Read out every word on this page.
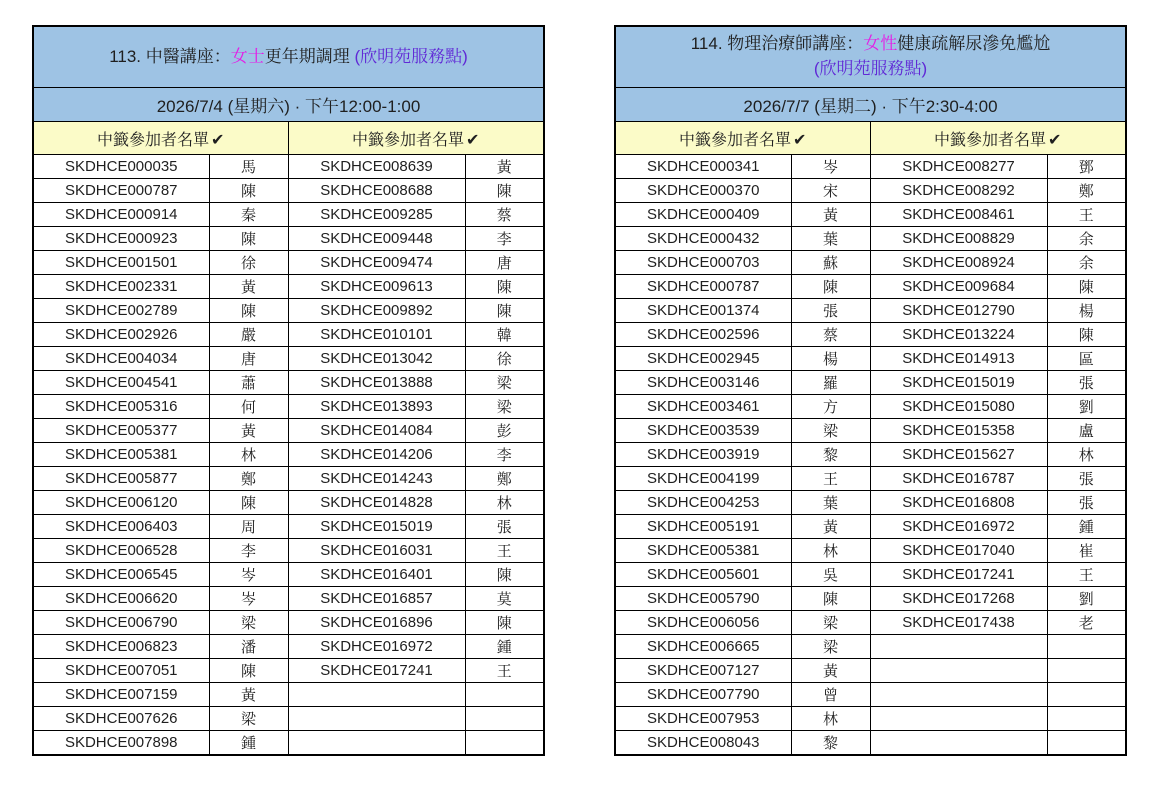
113. 中醫講座：女士更年期調理 (欣明苑服務點)			

2026/7/4 (星期六) · 下午12:00-1:00			
中籤參加者名單 ✔		中籤參加者名單 ✔	
SKDHCE000035	馬	SKDHCE008639	黃
SKDHCE000787	陳	SKDHCE008688	陳
SKDHCE000914	秦	SKDHCE009285	蔡
SKDHCE000923	陳	SKDHCE009448	李
SKDHCE001501	徐	SKDHCE009474	唐
SKDHCE002331	黃	SKDHCE009613	陳
SKDHCE002789	陳	SKDHCE009892	陳
SKDHCE002926	嚴	SKDHCE010101	韓
SKDHCE004034	唐	SKDHCE013042	徐
SKDHCE004541	蕭	SKDHCE013888	梁
SKDHCE005316	何	SKDHCE013893	梁
SKDHCE005377	黃	SKDHCE014084	彭
SKDHCE005381	林	SKDHCE014206	李
SKDHCE005877	鄭	SKDHCE014243	鄭
SKDHCE006120	陳	SKDHCE014828	林
SKDHCE006403	周	SKDHCE015019	張
SKDHCE006528	李	SKDHCE016031	王
SKDHCE006545	岑	SKDHCE016401	陳
SKDHCE006620	岑	SKDHCE016857	莫
SKDHCE006790	梁	SKDHCE016896	陳
SKDHCE006823	潘	SKDHCE016972	鍾
SKDHCE007051	陳	SKDHCE017241	王
SKDHCE007159	黃		
SKDHCE007626	梁		
SKDHCE007898	鍾		
114. 物理治療師講座：女性健康疏解尿滲免尷尬
(欣明苑服務點)			

2026/7/7 (星期二) · 下午2:30-4:00			
中籤參加者名單 ✔		中籤參加者名單 ✔	
SKDHCE000341	岑	SKDHCE008277	鄧
SKDHCE000370	宋	SKDHCE008292	鄭
SKDHCE000409	黃	SKDHCE008461	王
SKDHCE000432	葉	SKDHCE008829	余
SKDHCE000703	蘇	SKDHCE008924	余
SKDHCE000787	陳	SKDHCE009684	陳
SKDHCE001374	張	SKDHCE012790	楊
SKDHCE002596	蔡	SKDHCE013224	陳
SKDHCE002945	楊	SKDHCE014913	區
SKDHCE003146	羅	SKDHCE015019	張
SKDHCE003461	方	SKDHCE015080	劉
SKDHCE003539	梁	SKDHCE015358	盧
SKDHCE003919	黎	SKDHCE015627	林
SKDHCE004199	王	SKDHCE016787	張
SKDHCE004253	葉	SKDHCE016808	張
SKDHCE005191	黃	SKDHCE016972	鍾
SKDHCE005381	林	SKDHCE017040	崔
SKDHCE005601	吳	SKDHCE017241	王
SKDHCE005790	陳	SKDHCE017268	劉
SKDHCE006056	梁	SKDHCE017438	老
SKDHCE006665	梁		
SKDHCE007127	黃		
SKDHCE007790	曾		
SKDHCE007953	林		
SKDHCE008043	黎		
